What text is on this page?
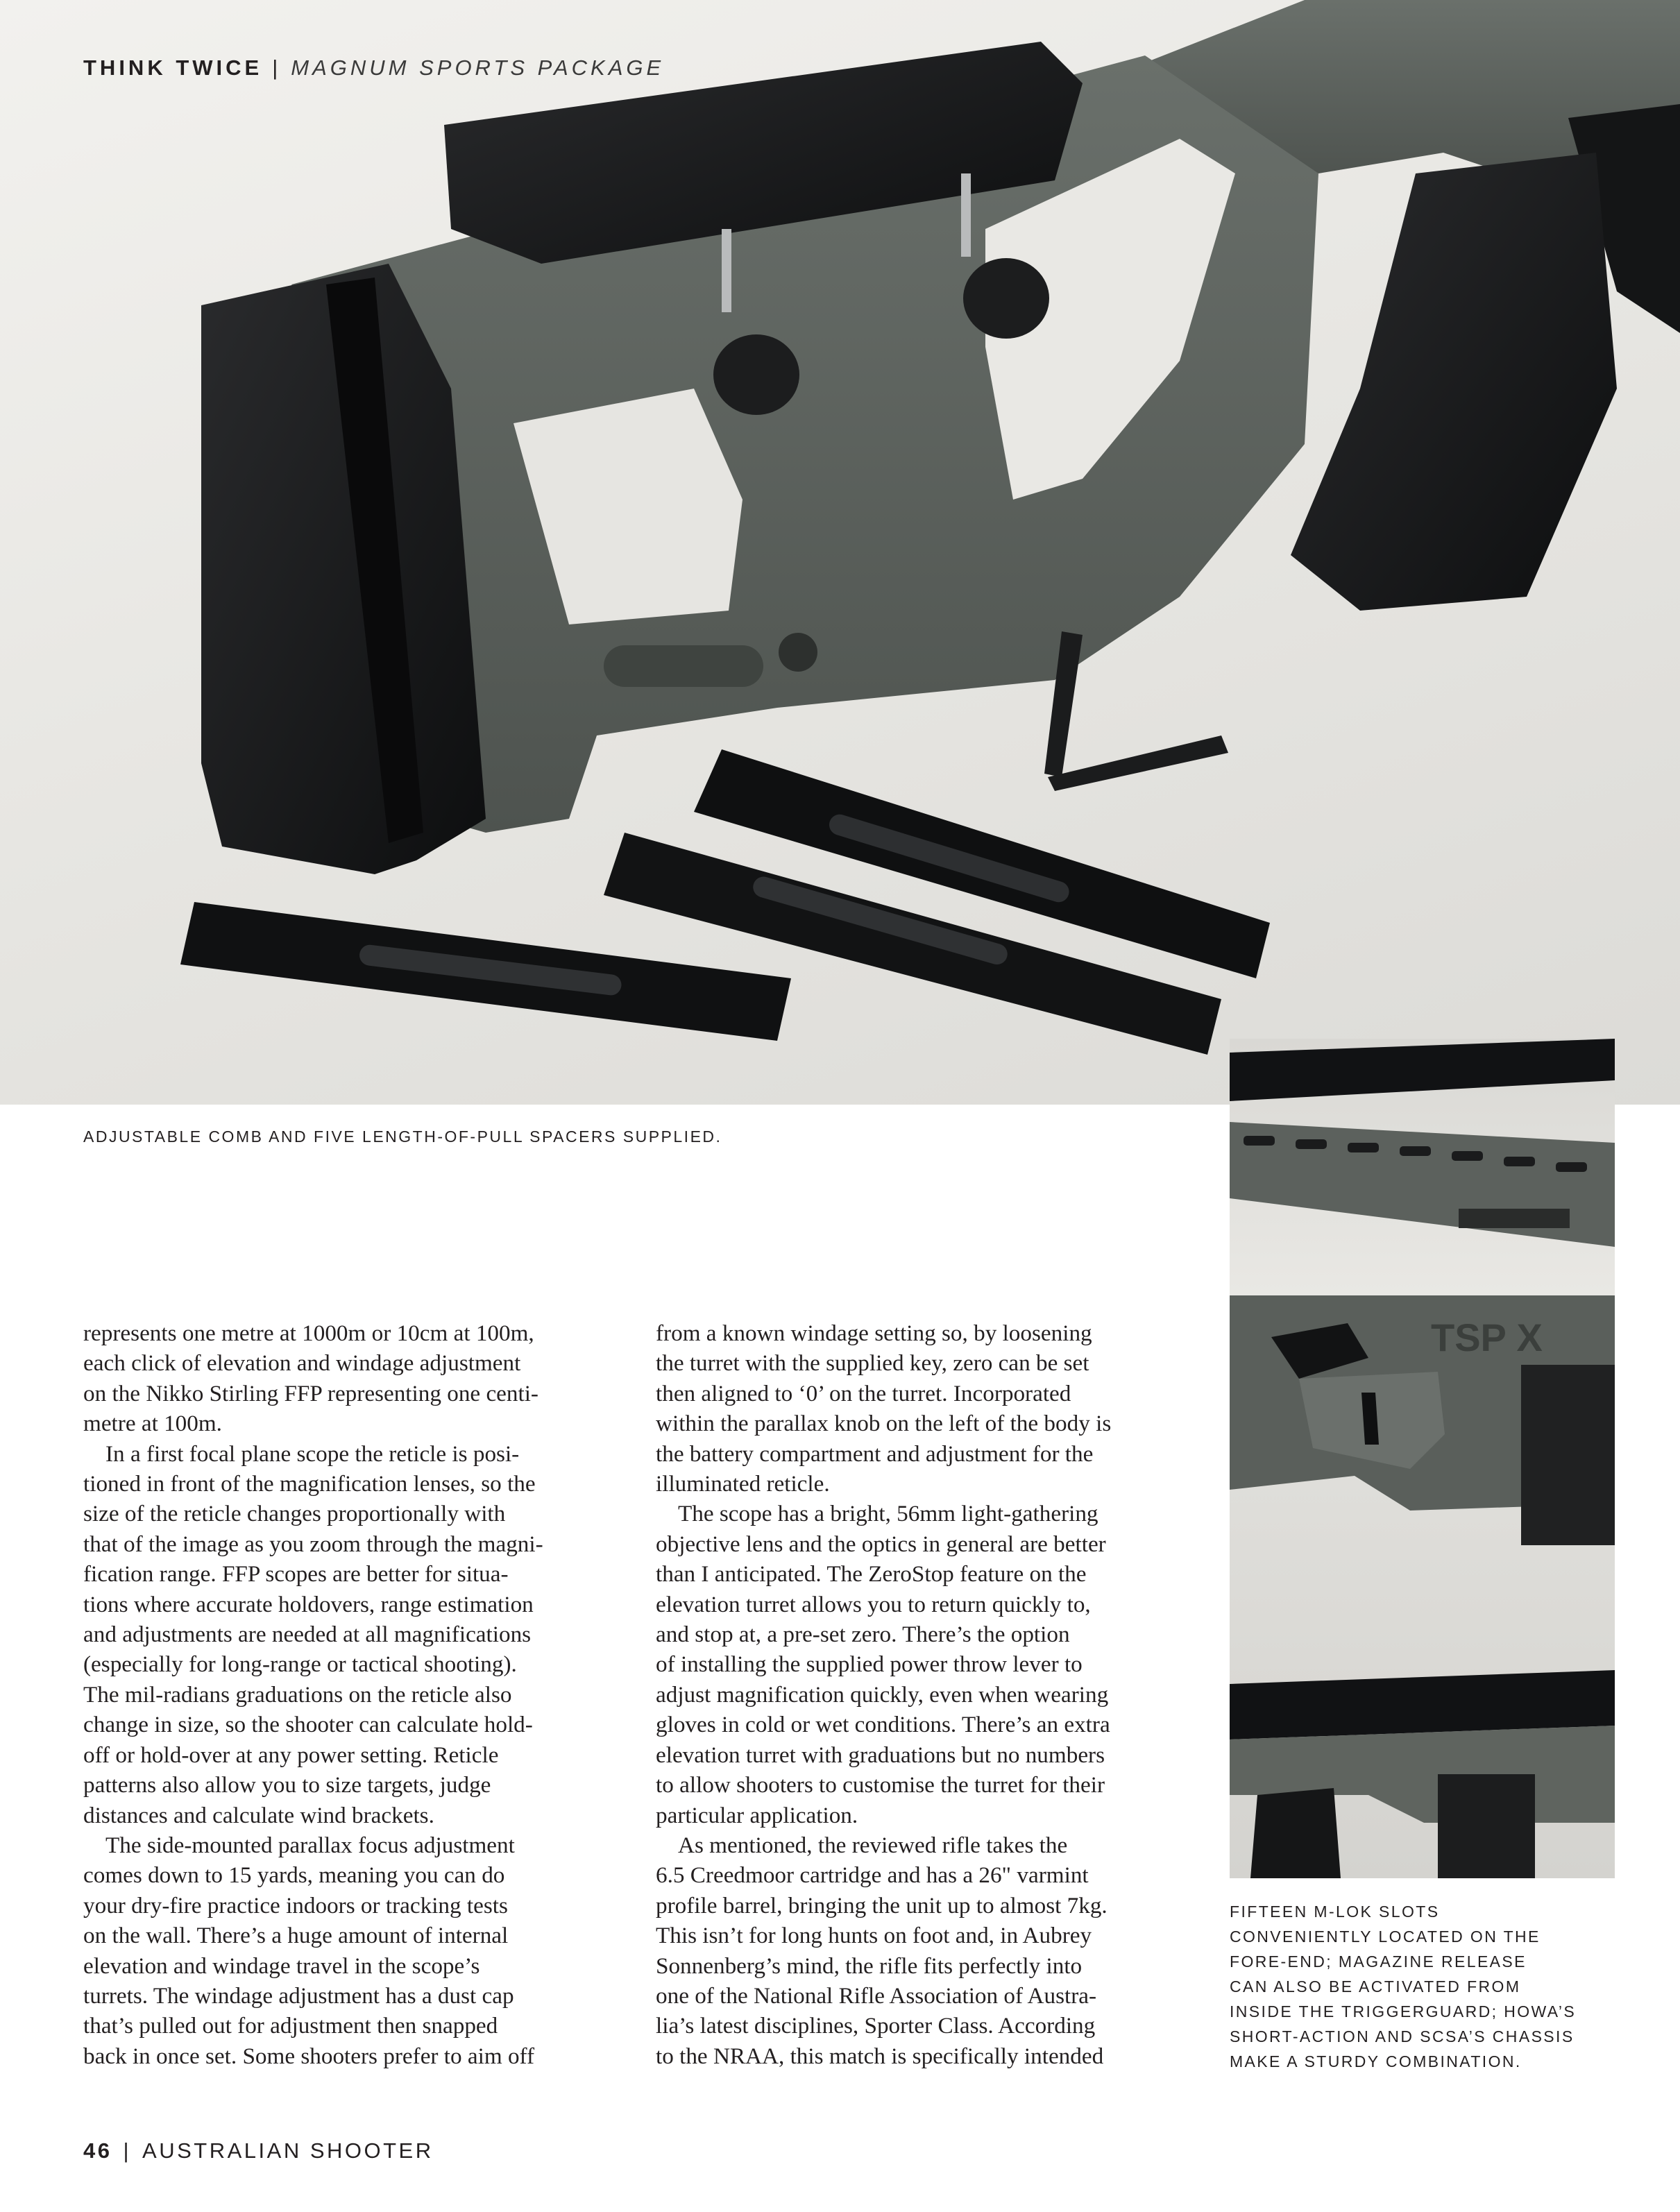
THINK TWICE | MAGNUM SPORTS PACKAGE
ADJUSTABLE COMB AND FIVE LENGTH-OF-PULL SPACERS SUPPLIED.
TSP X
FIFTEEN M-LOK SLOTS
CONVENIENTLY LOCATED ON THE
FORE-END; MAGAZINE RELEASE
CAN ALSO BE ACTIVATED FROM
INSIDE THE TRIGGERGUARD; HOWA’S
SHORT-ACTION AND SCSA’S CHASSIS
MAKE A STURDY COMBINATION.
represents one metre at 1000m or 10cm at 100m,
each click of elevation and windage adjustment
on the Nikko Stirling FFP representing one centi-
metre at 100m.
In a first focal plane scope the reticle is posi-
tioned in front of the magnification lenses, so the
size of the reticle changes proportionally with
that of the image as you zoom through the magni-
fication range. FFP scopes are better for situa-
tions where accurate holdovers, range estimation
and adjustments are needed at all magnifications
(especially for long-range or tactical shooting).
The mil-radians graduations on the reticle also
change in size, so the shooter can calculate hold-
off or hold-over at any power setting. Reticle
patterns also allow you to size targets, judge
distances and calculate wind brackets.
The side-mounted parallax focus adjustment
comes down to 15 yards, meaning you can do
your dry-fire practice indoors or tracking tests
on the wall. There’s a huge amount of internal
elevation and windage travel in the scope’s
turrets. The windage adjustment has a dust cap
that’s pulled out for adjustment then snapped
back in once set. Some shooters prefer to aim off
from a known windage setting so, by loosening
the turret with the supplied key, zero can be set
then aligned to ‘0’ on the turret. Incorporated
within the parallax knob on the left of the body is
the battery compartment and adjustment for the
illuminated reticle.
The scope has a bright, 56mm light-gathering
objective lens and the optics in general are better
than I anticipated. The ZeroStop feature on the
elevation turret allows you to return quickly to,
and stop at, a pre-set zero. There’s the option
of installing the supplied power throw lever to
adjust magnification quickly, even when wearing
gloves in cold or wet conditions. There’s an extra
elevation turret with graduations but no numbers
to allow shooters to customise the turret for their
particular application.
As mentioned, the reviewed rifle takes the
6.5 Creedmoor cartridge and has a 26" varmint
profile barrel, bringing the unit up to almost 7kg.
This isn’t for long hunts on foot and, in Aubrey
Sonnenberg’s mind, the rifle fits perfectly into
one of the National Rifle Association of Austra-
lia’s latest disciplines, Sporter Class. According
to the NRAA, this match is specifically intended
46 | AUSTRALIAN SHOOTER
